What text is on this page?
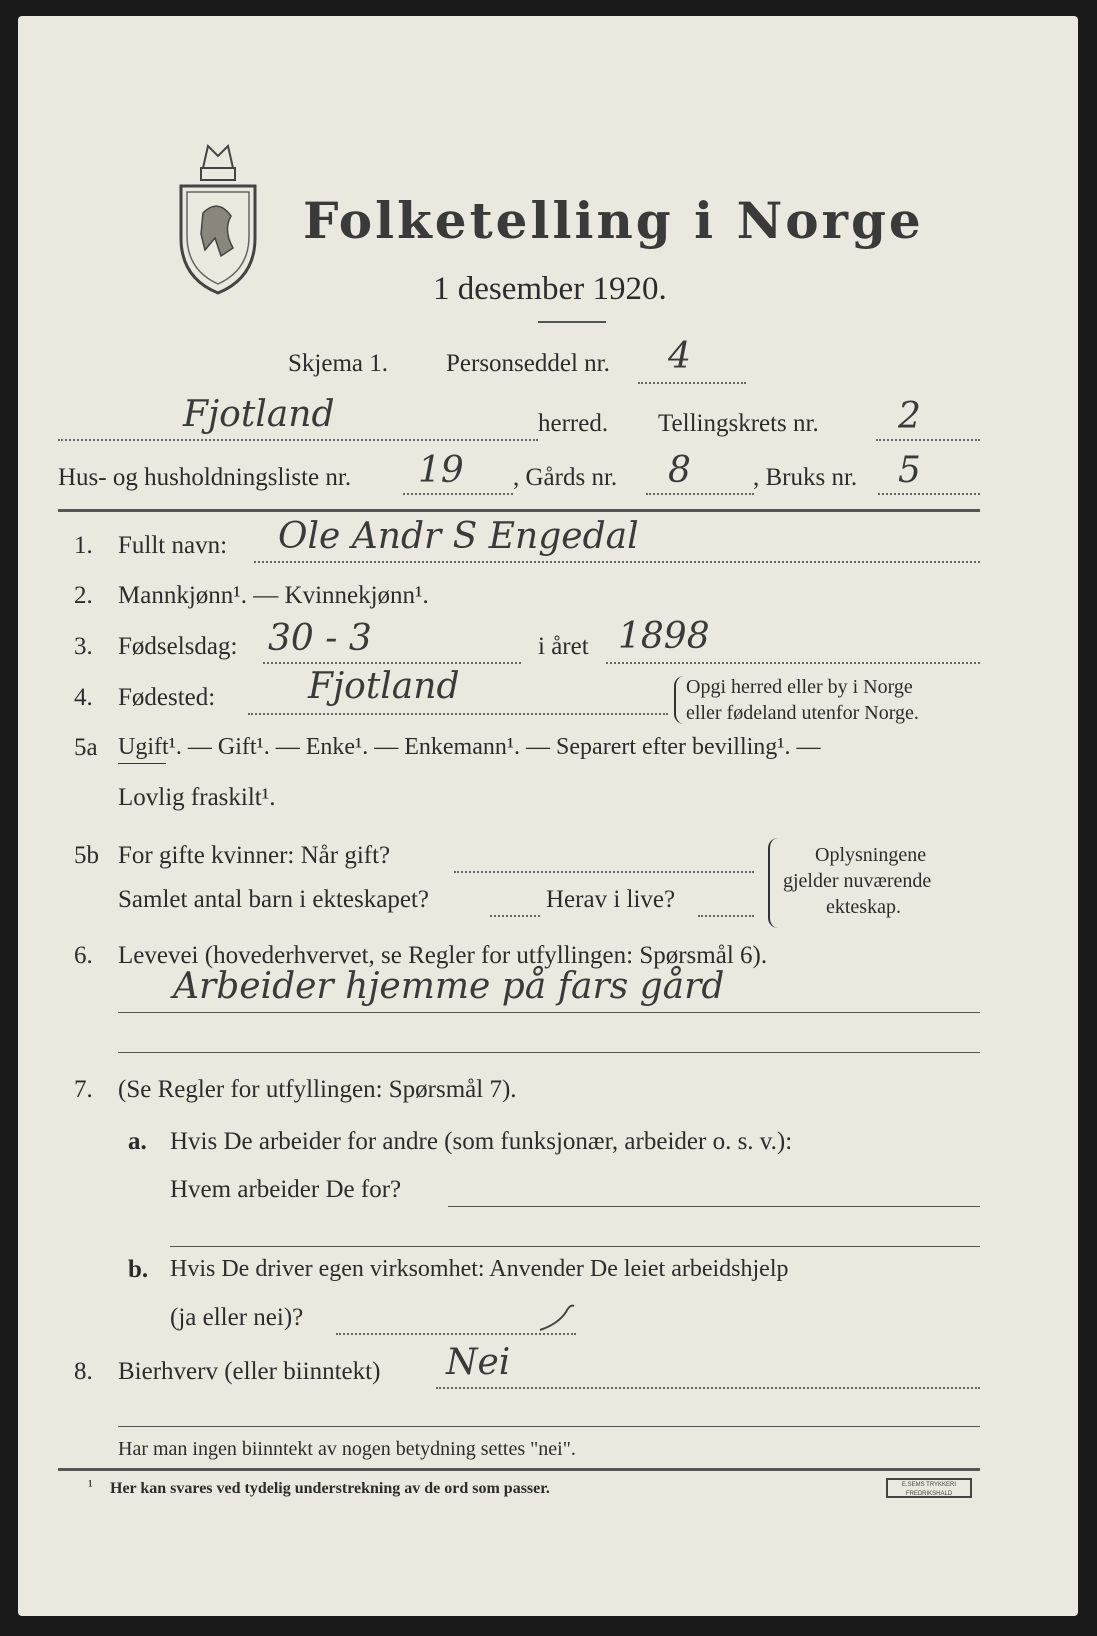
Folketelling i Norge
1 desember 1920.
Skjema 1. Personseddel nr. 4
Fjotland	herred. Tellingskrets nr. 2
Hus- og husholdningsliste nr. 19 , Gårds nr. 8 , Bruks nr. 5
1. Fullt navn: Ole Andr S Engedal
2. Mannkjønn¹. — Kvinnekjønn¹.
3. Fødselsdag: 30 - 3	i året 1898
4. Fødested:	Fjotland	Opgi herred eller by i Norge
eller fødeland utenfor Norge.
5a Ugift¹. — Gift¹. — Enke¹. — Enkemann¹. — Separert efter bevilling¹. —
Lovlig fraskilt¹.
5b For gifte kvinner: Når gift?
Samlet antal barn i ekteskapet?	Herav i live?
Oplysningene
gjelder nuværende
ekteskap.
6. Levevei (hovederhvervet, se Regler for utfyllingen: Spørsmål 6).
Arbeider hjemme på fars gård
7. (Se Regler for utfyllingen: Spørsmål 7).
a. Hvis De arbeider for andre (som funksjonær, arbeider o. s. v.):
Hvem arbeider De for?
b. Hvis De driver egen virksomhet: Anvender De leiet arbeidshjelp
(ja eller nei)?
8. Bierhverv (eller biinntekt) Nei
Har man ingen biinntekt av nogen betydning settes "nei".
¹ Her kan svares ved tydelig understrekning av de ord som passer.	E.SEMS TRYKKERI FREDRIKSHALD
